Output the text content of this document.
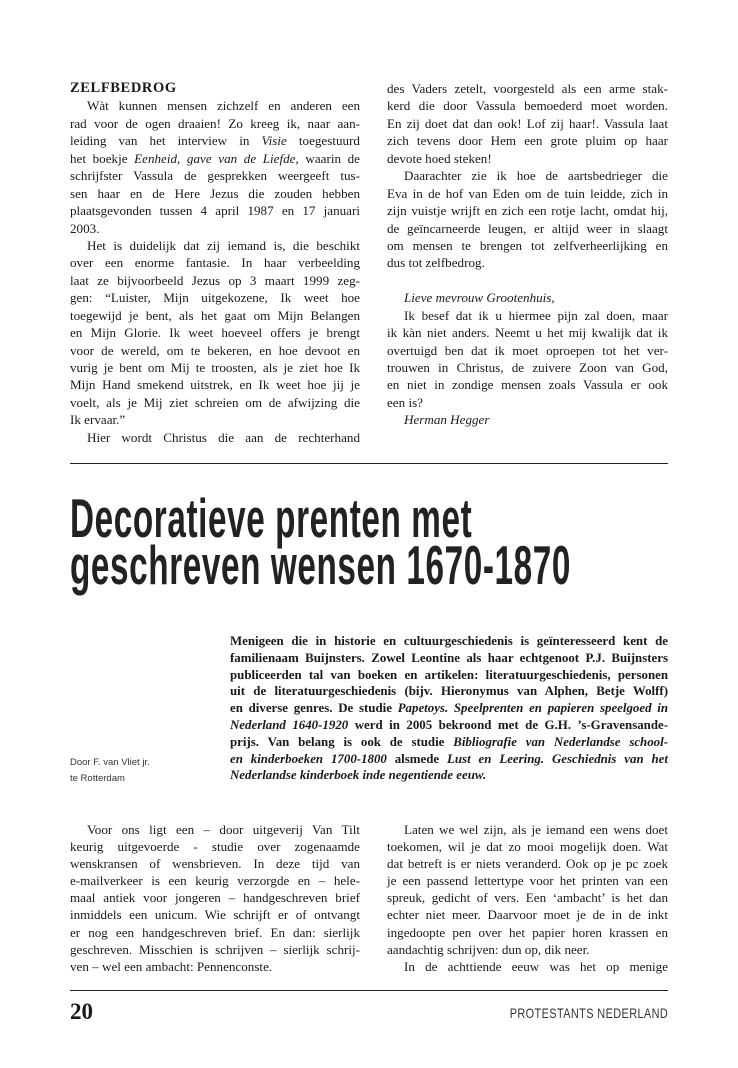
ZELFBEDROG
Wàt kunnen mensen zichzelf en anderen een
rad voor de ogen draaien! Zo kreeg ik, naar aan-
leiding van het interview in Visie toegestuurd
het boekje Eenheid, gave van de Liefde, waarin de
schrijfster Vassula de gesprekken weergeeft tus-
sen haar en de Here Jezus die zouden hebben
plaatsgevonden tussen 4 april 1987 en 17 januari
2003.
Het is duidelijk dat zij iemand is, die beschikt
over een enorme fantasie. In haar verbeelding
laat ze bijvoorbeeld Jezus op 3 maart 1999 zeg-
gen: “Luister, Mijn uitgekozene, Ik weet hoe
toegewijd je bent, als het gaat om Mijn Belangen
en Mijn Glorie. Ik weet hoeveel offers je brengt
voor de wereld, om te bekeren, en hoe devoot en
vurig je bent om Mij te troosten, als je ziet hoe Ik
Mijn Hand smekend uitstrek, en Ik weet hoe jij je
voelt, als je Mij ziet schreien om de afwijzing die
Ik ervaar.”
Hier wordt Christus die aan de rechterhand
des Vaders zetelt, voorgesteld als een arme stak-
kerd die door Vassula bemoederd moet worden.
En zij doet dat dan ook! Lof zij haar!. Vassula laat
zich tevens door Hem een grote pluim op haar
devote hoed steken!
Daarachter zie ik hoe de aartsbedrieger die
Eva in de hof van Eden om de tuin leidde, zich in
zijn vuistje wrijft en zich een rotje lacht, omdat hij,
de geïncarneerde leugen, er altijd weer in slaagt
om mensen te brengen tot zelfverheerlijking en
dus tot zelfbedrog.
Lieve mevrouw Grootenhuis,
Ik besef dat ik u hiermee pijn zal doen, maar
ik kàn niet anders. Neemt u het mij kwalijk dat ik
overtuigd ben dat ik moet oproepen tot het ver-
trouwen in Christus, de zuivere Zoon van God,
en niet in zondige mensen zoals Vassula er ook
een is?
Herman Hegger
Decoratieve prenten met
geschreven wensen 1670-1870
Door F. van Vliet jr.
te Rotterdam
Menigeen die in historie en cultuurgeschiedenis is geïnteresseerd kent de
familienaam Buijnsters. Zowel Leontine als haar echtgenoot P.J. Buijnsters
publiceerden tal van boeken en artikelen: literatuurgeschiedenis, personen
uit de literatuurgeschiedenis (bijv. Hieronymus van Alphen, Betje Wolff)
en diverse genres. De studie Papetoys. Speelprenten en papieren speelgoed in
Nederland 1640-1920 werd in 2005 bekroond met de G.H. ’s-Gravensande-
prijs. Van belang is ook de studie Bibliografie van Nederlandse school-
en kinderboeken 1700-1800 alsmede Lust en Leering. Geschiednis van het
Nederlandse kinderboek inde negentiende eeuw.
Voor ons ligt een – door uitgeverij Van Tilt
keurig uitgevoerde - studie over zogenaamde
wenskransen of wensbrieven. In deze tijd van
e-mailverkeer is een keurig verzorgde en – hele-
maal antiek voor jongeren – handgeschreven brief
inmiddels een unicum. Wie schrijft er of ontvangt
er nog een handgeschreven brief. En dan: sierlijk
geschreven. Misschien is schrijven – sierlijk schrij-
ven – wel een ambacht: Pennenconste.
Laten we wel zijn, als je iemand een wens doet
toekomen, wil je dat zo mooi mogelijk doen. Wat
dat betreft is er niets veranderd. Ook op je pc zoek
je een passend lettertype voor het printen van een
spreuk, gedicht of vers. Een ‘ambacht’ is het dan
echter niet meer. Daarvoor moet je de in de inkt
ingedoopte pen over het papier horen krassen en
aandachtig schrijven: dun op, dik neer.
In de achttiende eeuw was het op menige
20	PROTESTANTS NEDERLAND
